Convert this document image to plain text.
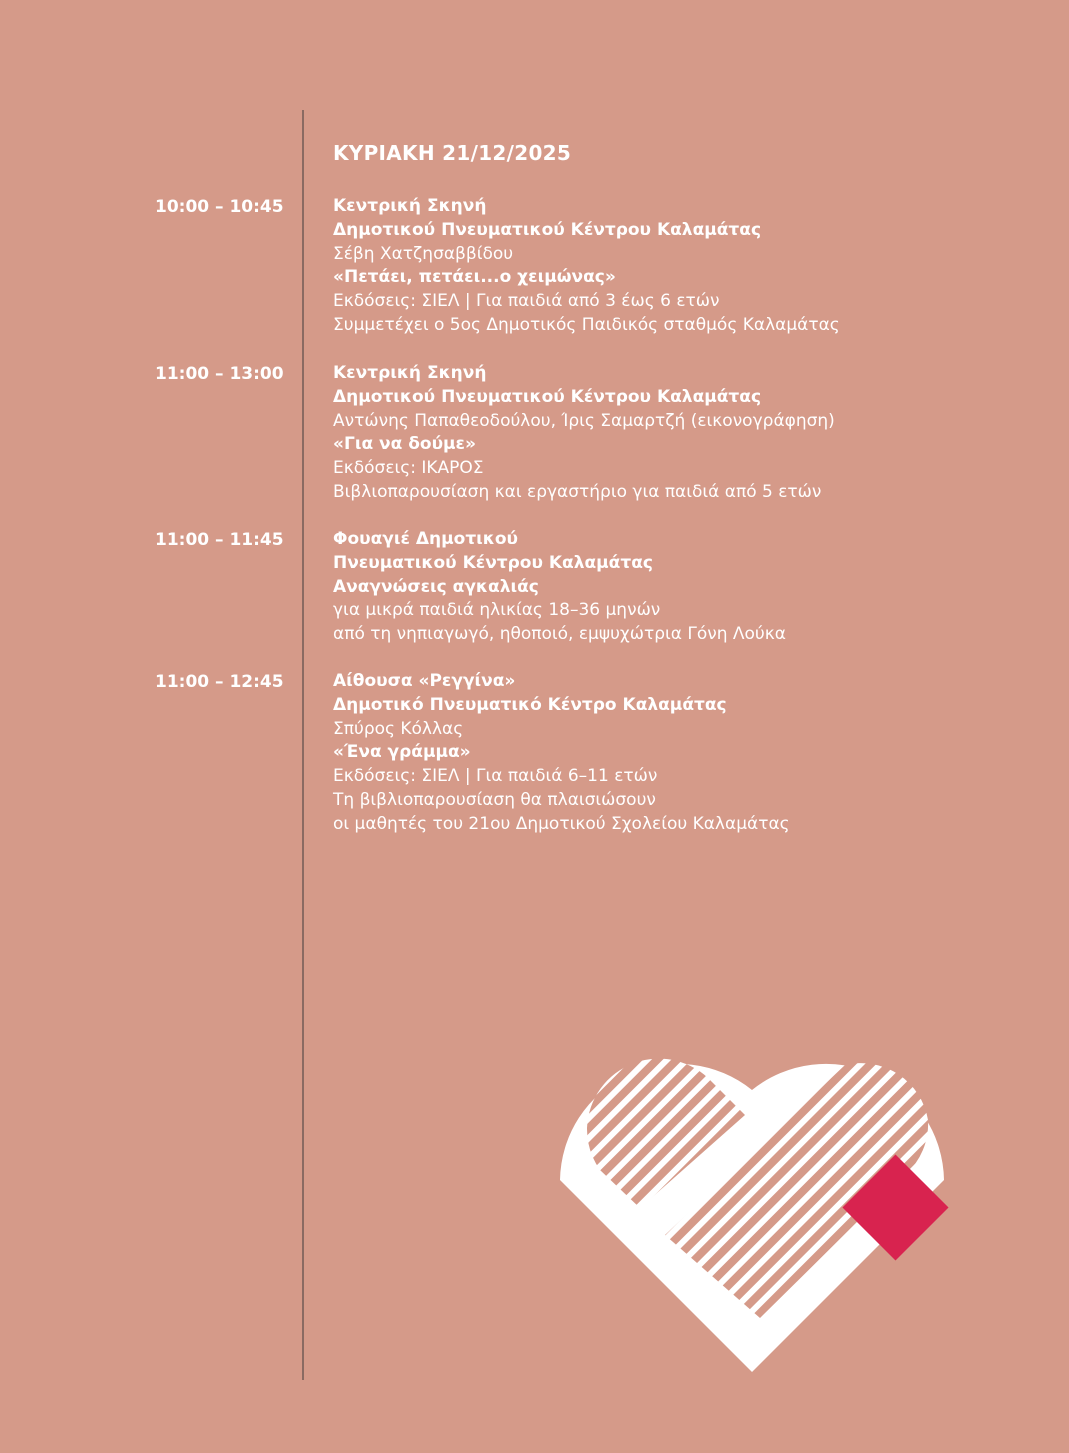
ΚΥΡΙΑΚΗ 21/12/2025
10:00 – 10:45	Κεντρική Σκηνή
Δημοτικού Πνευματικού Κέντρου Καλαμάτας
Σέβη Χατζησαββίδου
«Πετάει, πετάει...ο χειμώνας»
Εκδόσεις: ΣΙΕΛ | Για παιδιά από 3 έως 6 ετών
Συμμετέχει ο 5ος Δημοτικός Παιδικός σταθμός Καλαμάτας
11:00 – 13:00	Κεντρική Σκηνή
Δημοτικού Πνευματικού Κέντρου Καλαμάτας
Αντώνης Παπαθεοδούλου, Ίρις Σαμαρτζή (εικονογράφηση)
«Για να δούμε»
Εκδόσεις: ΙΚΑΡΟΣ
Βιβλιοπαρουσίαση και εργαστήριο για παιδιά από 5 ετών
11:00 – 11:45	Φουαγιέ Δημοτικού
Πνευματικού Κέντρου Καλαμάτας
Αναγνώσεις αγκαλιάς
για μικρά παιδιά ηλικίας 18–36 μηνών
από τη νηπιαγωγό, ηθοποιό, εμψυχώτρια Γόνη Λούκα
11:00 – 12:45	Αίθουσα «Ρεγγίνα»
Δημοτικό Πνευματικό Κέντρο Καλαμάτας
Σπύρος Κόλλας
«Ένα γράμμα»
Εκδόσεις: ΣΙΕΛ | Για παιδιά 6–11 ετών
Τη βιβλιοπαρουσίαση θα πλαισιώσουν
οι μαθητές του 21ου Δημοτικού Σχολείου Καλαμάτας
